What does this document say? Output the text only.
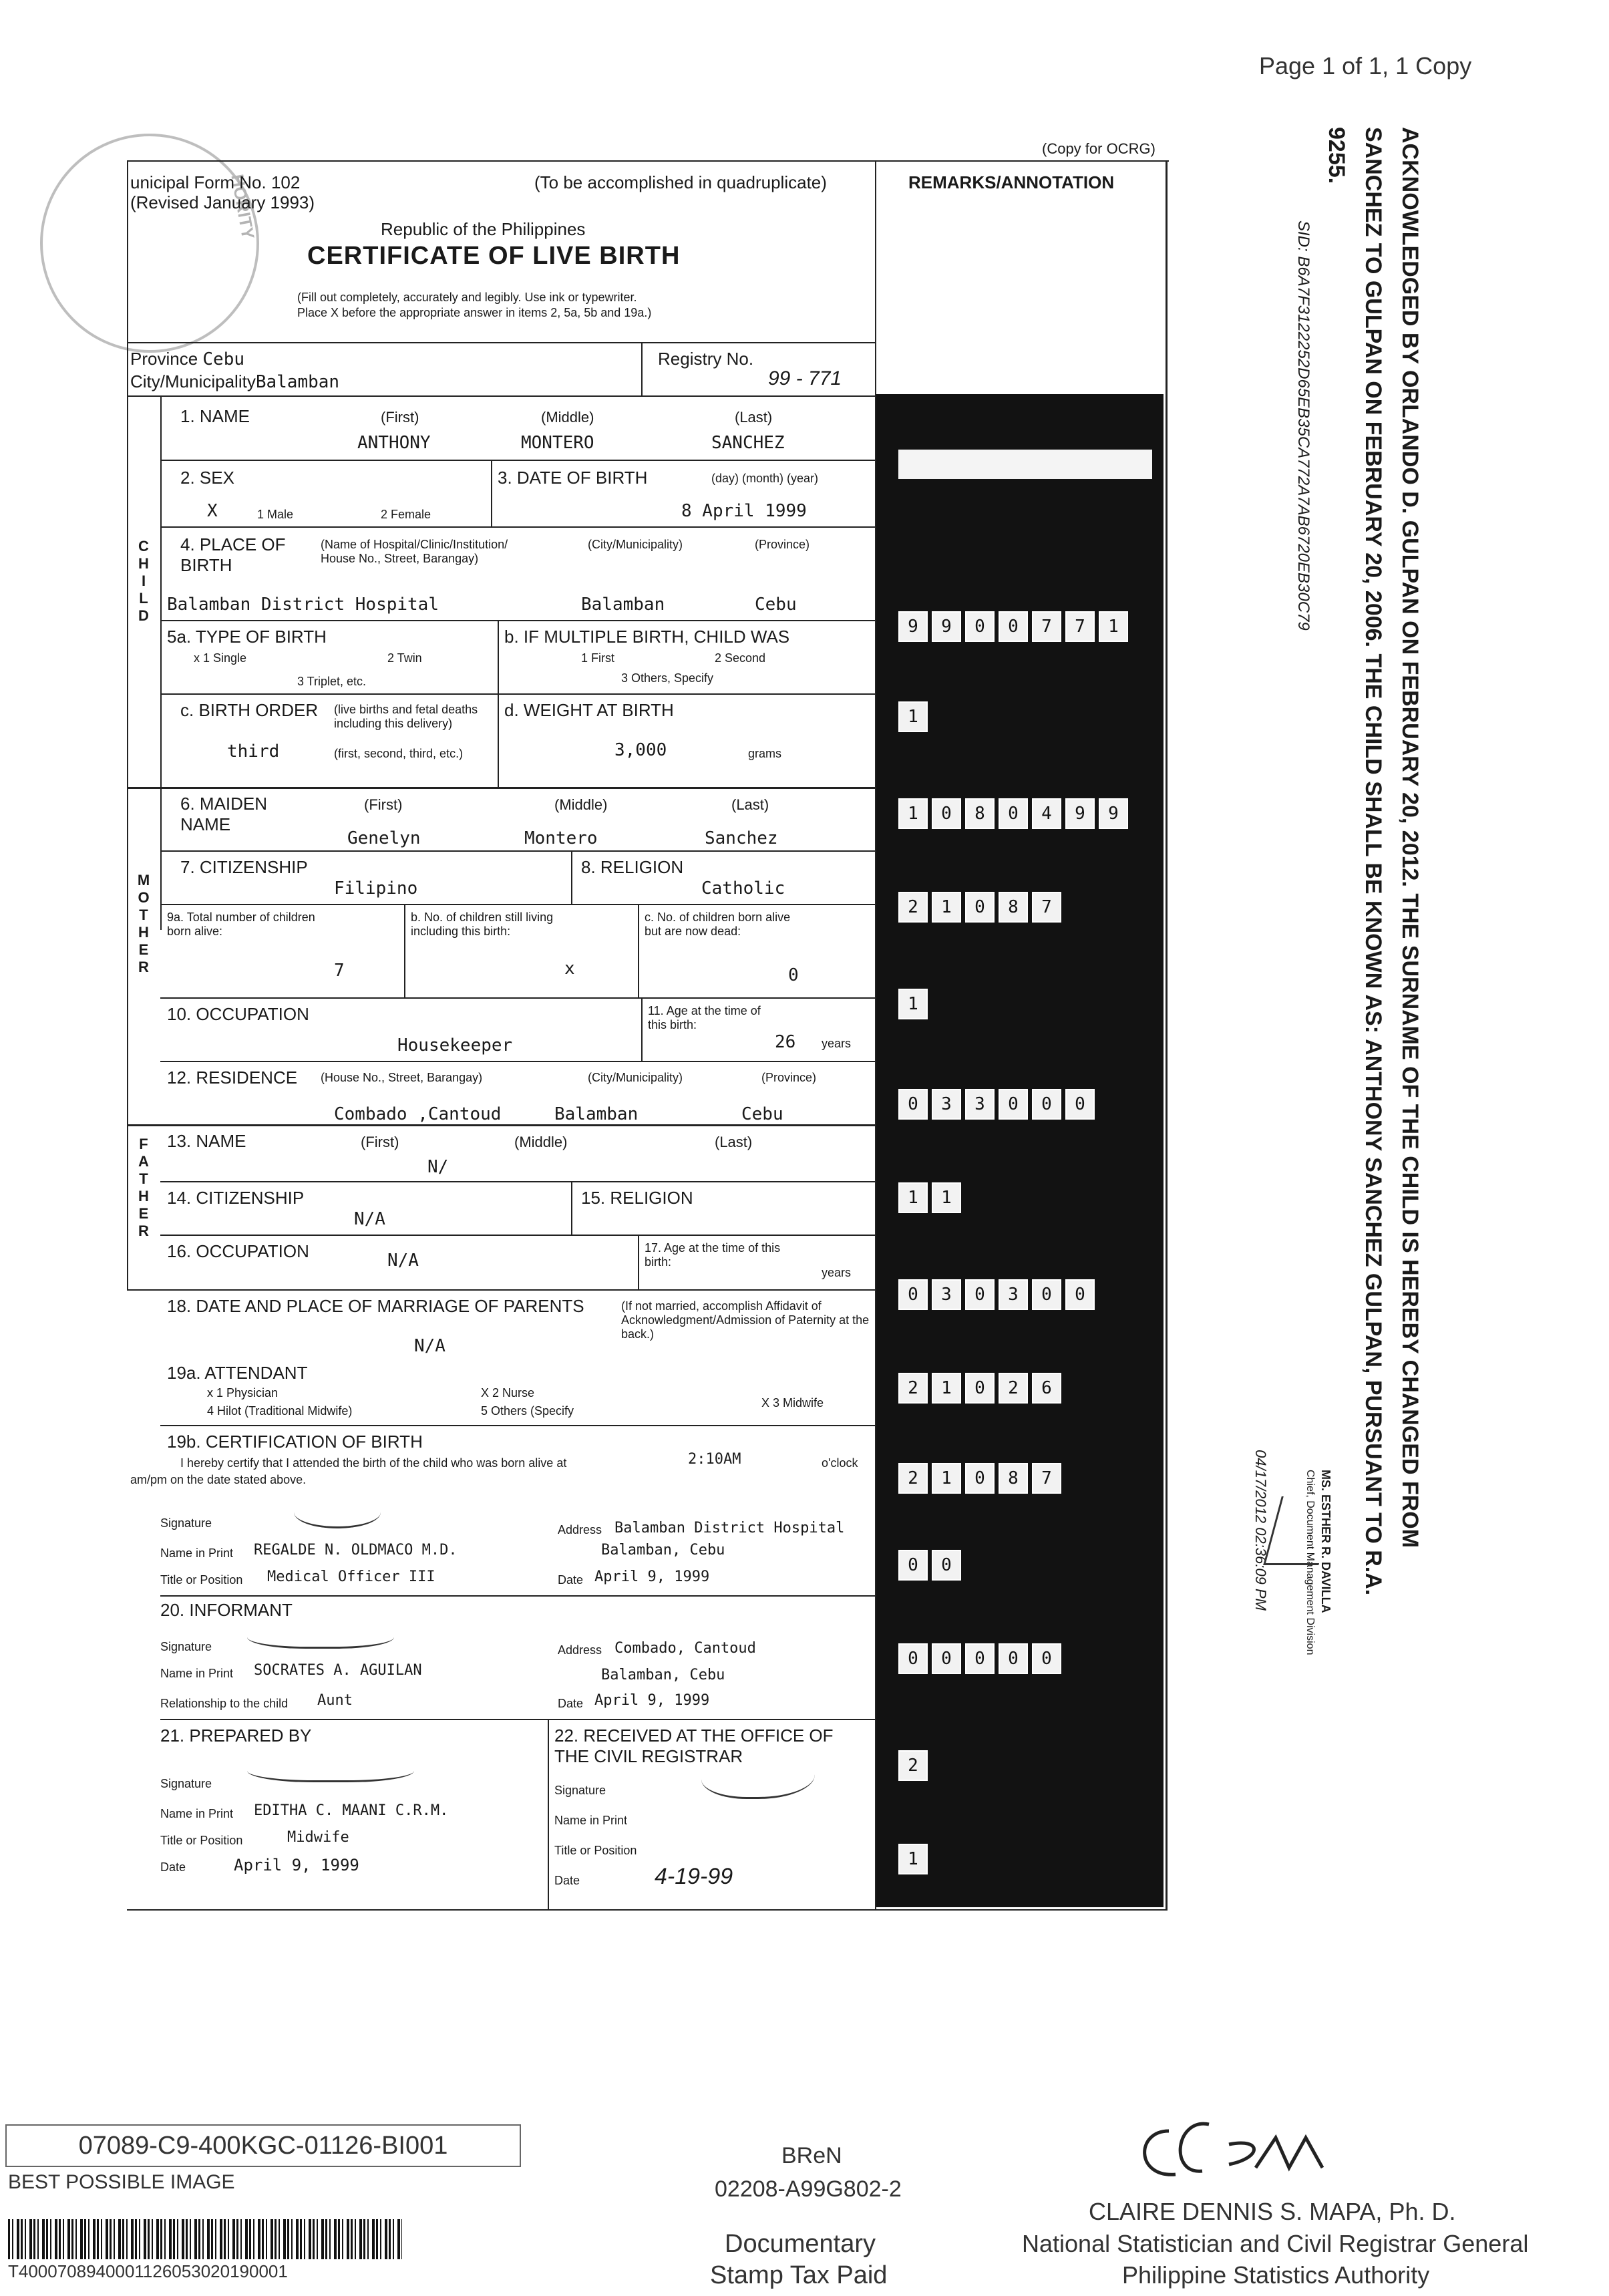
Page 1 of 1, 1 Copy
HORITY
(Copy for OCRG)
unicipal Form No. 102
(Revised January 1993)
(To be accomplished in quadruplicate)	REMARKS/ANNOTATION
Republic of the Philippines
CERTIFICATE OF LIVE BIRTH
(Fill out completely, accurately and legibly. Use ink or typewriter.
Place X before the appropriate answer in items 2, 5a, 5b and 19a.)
Province Cebu
City/MunicipalityBalamban
Registry No.
99 - 771
C
H
I
L
D
1. NAME	(First)	(Middle)	(Last)
ANTHONY	MONTERO	SANCHEZ
2. SEX
X	1 Male	2 Female
3. DATE OF BIRTH	(day) (month) (year)
8 April 1999
4. PLACE OF BIRTH
(Name of Hospital/Clinic/Institution/ House No., Street, Barangay)
(City/Municipality)	(Province)
Balamban District Hospital	Balamban	Cebu
5a. TYPE OF BIRTH
x 1 Single	2 Twin
3 Triplet, etc.
b. IF MULTIPLE BIRTH, CHILD WAS
1 First	2 Second
3 Others, Specify
c. BIRTH ORDER (live births and fetal deaths including this delivery)
third	(first, second, third, etc.)
d. WEIGHT AT BIRTH
3,000	grams
M
O
T
H
E
R
6. MAIDEN NAME
(First)	(Middle)	(Last)
Genelyn	Montero	Sanchez
7. CITIZENSHIP
Filipino
8. RELIGION
Catholic
9a. Total number of children born alive:
7
b. No. of children still living including this birth:
x
c. No. of children born alive but are now dead:
0
10. OCCUPATION
Housekeeper
11. Age at the time of this birth:
26 years
12. RESIDENCE (House No., Street, Barangay)	(City/Municipality)	(Province)
Combado ,Cantoud	Balamban	Cebu
F
A
T
H
E
R
13. NAME	(First)	(Middle)	(Last)
N/
14. CITIZENSHIP
N/A
15. RELIGION
16. OCCUPATION	N/A
17. Age at the time of this birth:
years
18. DATE AND PLACE OF MARRIAGE OF PARENTS	(If not married, accomplish Affidavit of Acknowledgment/Admission of Paternity at the back.)
N/A
19a. ATTENDANT
x 1 Physician
4 Hilot (Traditional Midwife)
X 2 Nurse
5 Others (Specify
X 3 Midwife
19b. CERTIFICATION OF BIRTH
I hereby certify that I attended the birth of the child who was born alive at	2:10AM	o'clock
am/pm on the date stated above.
Signature
Name in Print REGALDE N. OLDMACO M.D.
Title or Position Medical Officer III
Address Balamban District Hospital
Balamban, Cebu
Date April 9, 1999
20. INFORMANT
Signature
Name in Print SOCRATES A. AGUILAN
Relationship to the child Aunt
Address Combado, Cantoud
Balamban, Cebu
Date April 9, 1999
21. PREPARED BY
Signature
Name in Print EDITHA C. MAANI C.R.M.
Title or Position	Midwife
Date	April 9, 1999
22. RECEIVED AT THE OFFICE OF THE CIVIL REGISTRAR
Signature
Name in Print
Title or Position
Date	4-19-99
9	9	0	0	7	7	1
1
1	0	8	0	4	9	9
2	1	0	8	7
1
0	3	3	0	0	0
1	1
0	3	0	3	0	0
2	1	0	2	6
2	1	0	8	7
0	0
0	0	0	0	0
2
1
ACKNOWLEDGED BY ORLANDO D. GULPAN ON FEBRUARY 20, 2012. THE SURNAME OF THE CHILD IS HEREBY CHANGED FROM
SANCHEZ TO GULPAN ON FEBRUARY 20, 2006. THE CHILD SHALL BE KNOWN AS: ANTHONY SANCHEZ GULPAN, PURSUANT TO R.A.
9255.
SID: B6A7F3122252D65EB35CA772A7AB6720EB30C79
MS. ESTHER R. DAVILLA
Chief, Document Management Division
04/17/2012 02:36:09 PM
07089-C9-400KGC-01126-BI001
BEST POSSIBLE IMAGE
T4000708940001126053020190001
BReN
02208-A99G802-2
Documentary
Stamp Tax Paid
CLAIRE DENNIS S. MAPA, Ph. D.
National Statistician and Civil Registrar General
Philippine Statistics Authority
